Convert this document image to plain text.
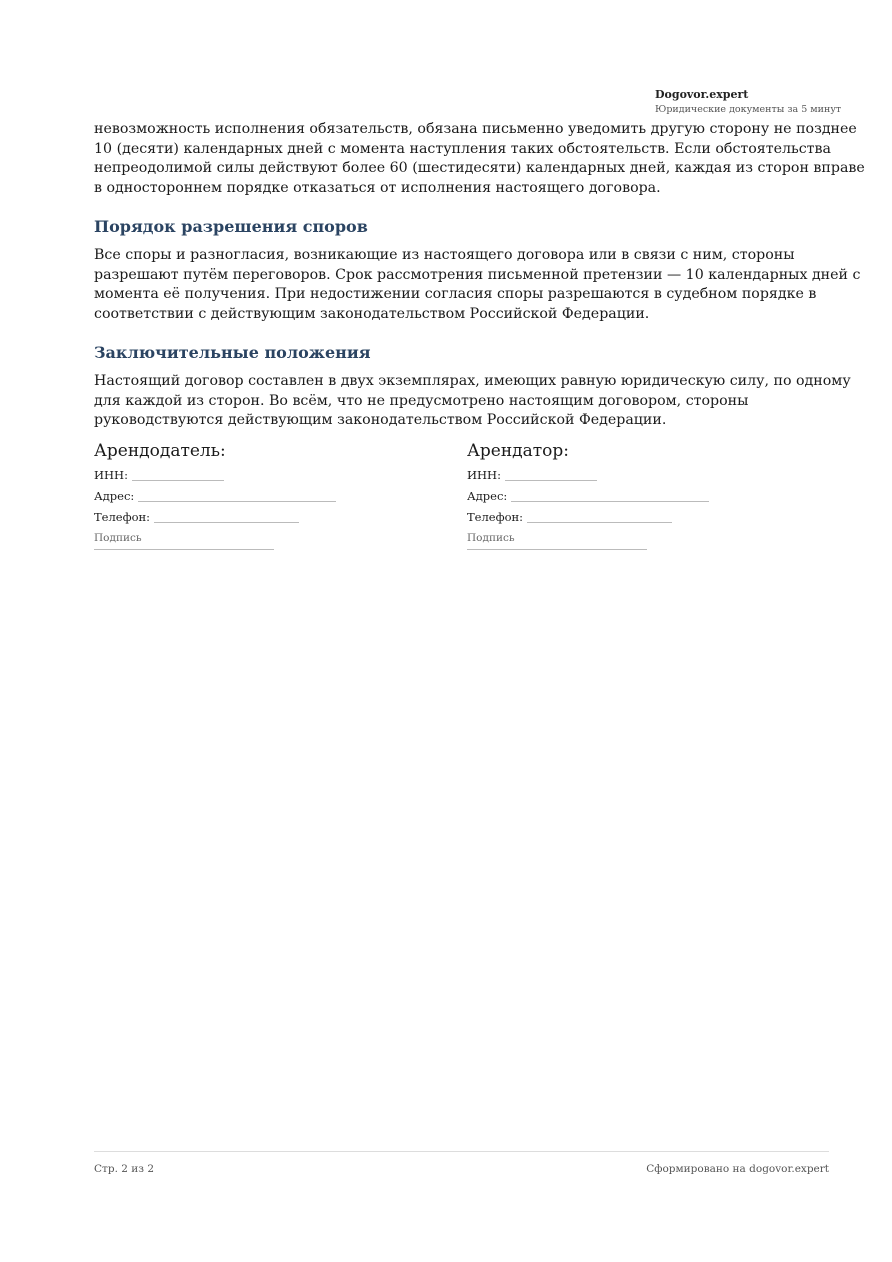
Dogovor.expert
Юридические документы за 5 минут

невозможность исполнения обязательств, обязана письменно уведомить другую сторону не позднее 10 (десяти) календарных дней с момента наступления таких обстоятельств. Если обстоятельства непреодолимой силы действуют более 60 (шестидесяти) календарных дней, каждая из сторон вправе в одностороннем порядке отказаться от исполнения настоящего договора.

Порядок разрешения споров

Все споры и разногласия, возникающие из настоящего договора или в связи с ним, стороны разрешают путём переговоров. Срок рассмотрения письменной претензии — 10 календарных дней с момента её получения. При недостижении согласия споры разрешаются в судебном порядке в соответствии с действующим законодательством Российской Федерации.

Заключительные положения

Настоящий договор составлен в двух экземплярах, имеющих равную юридическую силу, по одному для каждой из сторон. Во всём, что не предусмотрено настоящим договором, стороны руководствуются действующим законодательством Российской Федерации.

Арендодатель:
ИНН:
Адрес:
Телефон:
Подпись
Арендатор:
ИНН:
Адрес:
Телефон:
Подпись
Стр. 2 из 2	Сформировано на dogovor.expert
